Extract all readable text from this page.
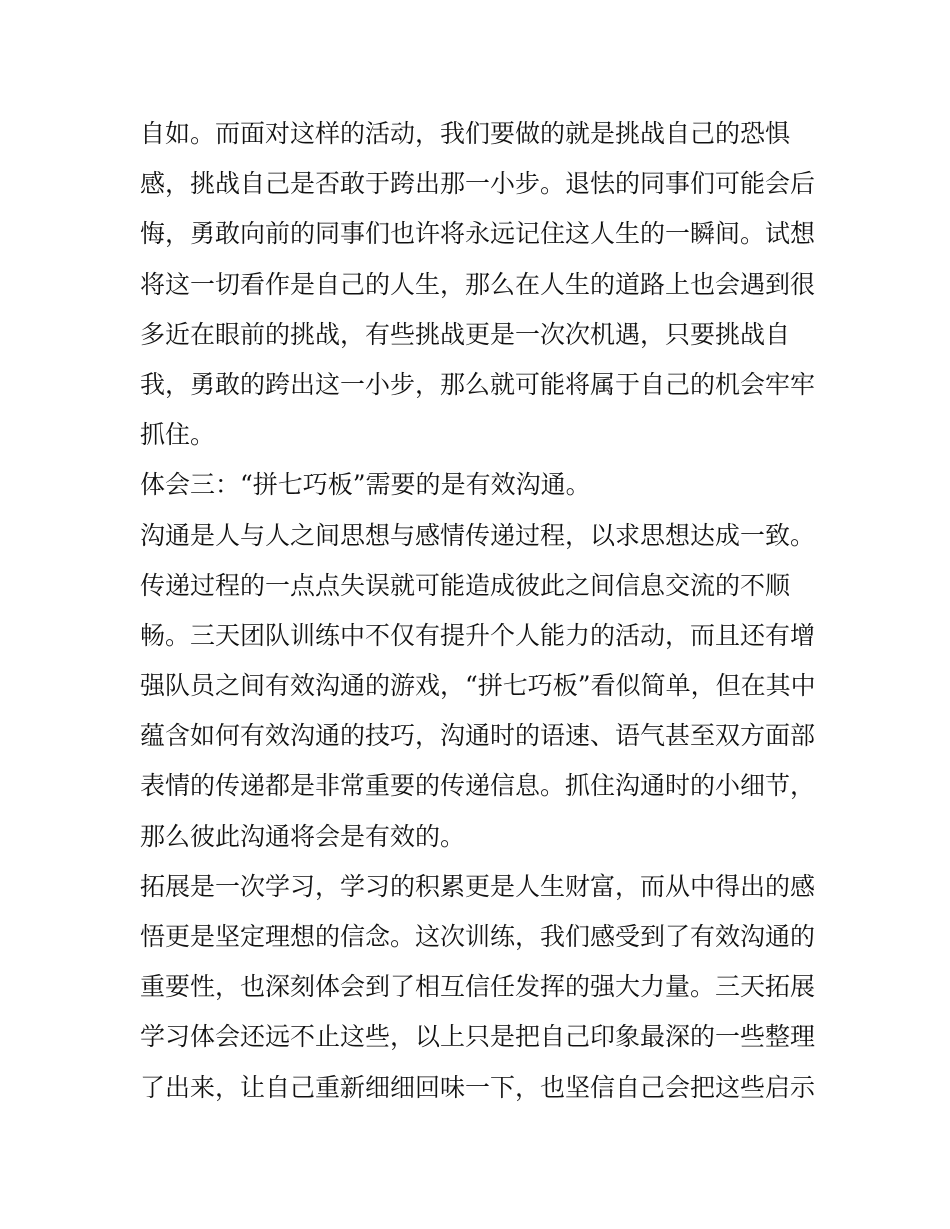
自如。而面对这样的活动，我们要做的就是挑战自己的恐惧
感，挑战自己是否敢于跨出那一小步。退怯的同事们可能会后
悔，勇敢向前的同事们也许将永远记住这人生的一瞬间。试想
将这一切看作是自己的人生，那么在人生的道路上也会遇到很
多近在眼前的挑战，有些挑战更是一次次机遇，只要挑战自
我，勇敢的跨出这一小步，那么就可能将属于自己的机会牢牢
抓住。
体会三：“拼七巧板”需要的是有效沟通。
沟通是人与人之间思想与感情传递过程，以求思想达成一致。
传递过程的一点点失误就可能造成彼此之间信息交流的不顺
畅。三天团队训练中不仅有提升个人能力的活动，而且还有增
强队员之间有效沟通的游戏，“拼七巧板”看似简单，但在其中
蕴含如何有效沟通的技巧，沟通时的语速、语气甚至双方面部
表情的传递都是非常重要的传递信息。抓住沟通时的小细节，
那么彼此沟通将会是有效的。
拓展是一次学习，学习的积累更是人生财富，而从中得出的感
悟更是坚定理想的信念。这次训练，我们感受到了有效沟通的
重要性，也深刻体会到了相互信任发挥的强大力量。三天拓展
学习体会还远不止这些，以上只是把自己印象最深的一些整理
了出来，让自己重新细细回味一下，也坚信自己会把这些启示
